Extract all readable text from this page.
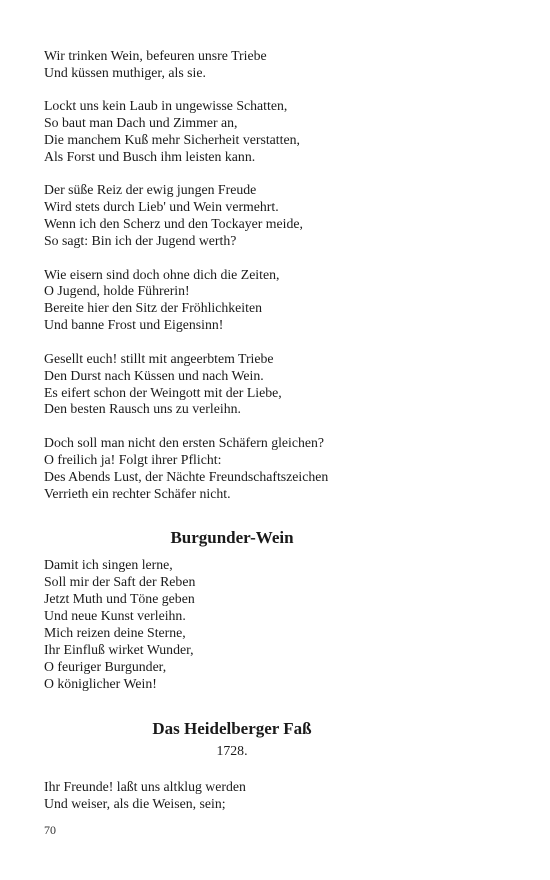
Wir trinken Wein, befeuren unsre Triebe
Und küssen muthiger, als sie.
Lockt uns kein Laub in ungewisse Schatten,
So baut man Dach und Zimmer an,
Die manchem Kuß mehr Sicherheit verstatten,
Als Forst und Busch ihm leisten kann.
Der süße Reiz der ewig jungen Freude
Wird stets durch Lieb' und Wein vermehrt.
Wenn ich den Scherz und den Tockayer meide,
So sagt: Bin ich der Jugend werth?
Wie eisern sind doch ohne dich die Zeiten,
O Jugend, holde Führerin!
Bereite hier den Sitz der Fröhlichkeiten
Und banne Frost und Eigensinn!
Gesellt euch! stillt mit angeerbtem Triebe
Den Durst nach Küssen und nach Wein.
Es eifert schon der Weingott mit der Liebe,
Den besten Rausch uns zu verleihn.
Doch soll man nicht den ersten Schäfern gleichen?
O freilich ja! Folgt ihrer Pflicht:
Des Abends Lust, der Nächte Freundschaftszeichen
Verrieth ein rechter Schäfer nicht.
Burgunder-Wein
Damit ich singen lerne,
Soll mir der Saft der Reben
Jetzt Muth und Töne geben
Und neue Kunst verleihn.
Mich reizen deine Sterne,
Ihr Einfluß wirket Wunder,
O feuriger Burgunder,
O königlicher Wein!
Das Heidelberger Faß
1728.
Ihr Freunde! laßt uns altklug werden
Und weiser, als die Weisen, sein;
70
